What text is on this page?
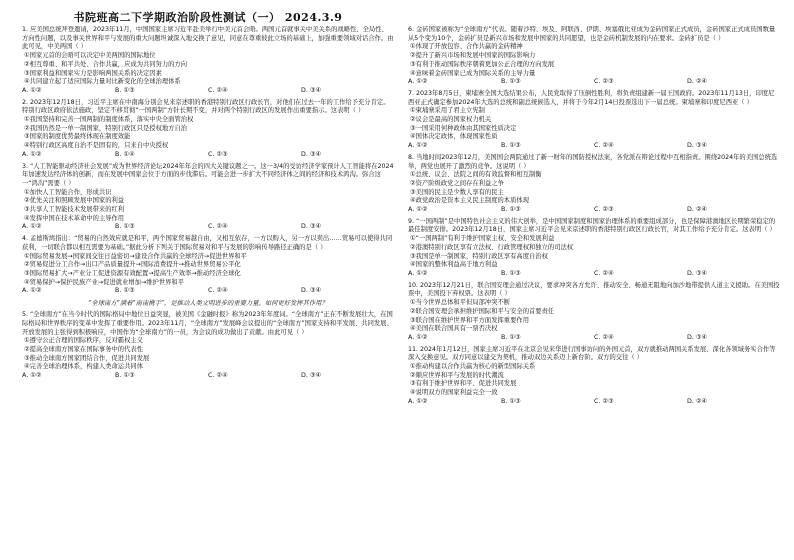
书院班高二下学期政治阶段性测试（一） 2024.3.9

1. 应美国总统拜登邀请，2023年11月，中国国家主席习近平赴美举行中美元首会晤。两国元首就事关中美关系的战略性、全局性、方向性问题，以及事关世界和平与发展的重大问题坦诚深入地交换了意见，同意在尊重彼此立场的基础上，加强重要领域对话合作。由此可见，中美两国（ ）

①国家元首的会晤可以决定中美两国的国际地位

②相互尊重、和平共处、合作共赢，应成为共同努力的方向

③国家利益和国家实力是影响两国关系的决定因素

④共同建立起了适应国际力量对比新变化的全球治理体系

A. ①②	B. ①③	C. ②④	D. ③④

2. 2023年12月18日，习近平主席在中南海分别会见来京述职的香港特别行政区行政长官，对他们在过去一年的工作给予充分肯定。特别行政区政府依法施政，坚定不移贯彻“一国两制”方针长期不变，并对两个特别行政区的发展作出重要指示。这表明（ ）

①我国坚持和完善一国两制的制度体系，落实中央全面管治权

②我国仍然是一单一制国家，特别行政区只是授权地方自治

③国家的制度优势最终体现在制度效能

④特别行政区高度自治不是固有的，只来自中央授权

A. ①②	B. ①④	C. ②③	D. ③④

3. “人工智能驱动经济社会发展”成为世界经济论坛2024年年会的四大关键议题之一。这一3/4的受访经济学家预计人工智能将在2024年加速发达经济体的创新，而在发展中国家会位于方面的步伐滞后。可能会进一步扩大不同经济体之间的经济和技术鸿沟。弥合这一“鸿沟”需要（ ）

①加快人工智能合作，形成共识

②优先关注和照顾发展中国家的利益

③共享人工智能技术发展带来的红利

④发挥中国在技术革命中的主导作用

A. ①②	B. ①③	C. ②④	D. ③④

4. 孟德斯鸠指出：“贸易的自然效应就是和平，两个国家贸易越自由，又相互依存，一方以购入，另一方以卖出……贸易可以使得共同获利，一切联合都以相互需要为基础。”据此分析下列关于国际贸易对和平与发展的影响传导路径正确的是（ ）

①国际贸易发展→国家间交往日益密切→建设合作共赢的全球经济→促进世界和平

②贸易促进分工合作→出口产品质量提升→国际消费提升→推动世界贸易公平化

③国际贸易扩大→产业分工促进资源有效配置→提高生产效率→推动经济全球化

④贸易保护→保护民族产业→促进就业增加→维护世界和平

A. ①②	B. ①③	C. ②④	D. ③④

“全球南方”满着“南南携手”，是推动人类文明进步的重要力量。如何更好发挥其作用？

5. “全球南方”在当今时代的国际格局中地位日益突显，被美国《金融时报》称为2023年年度词。“全球南方”正在不断发展壮大，在国际格局和世界秩序的变革中发挥了重要作用。2023年11月，“全球南方”发展峰会议提出的“全球南方”国家支持和平发展、共同发展、开放发展的主张得到积极响应，中国作为“全球南方”的一员，为会议的成功做出了贡献。由此可见（ ）

①遵守公正合理的国际秩序，反对霸权主义

②提高全球南方国家在国际事务中的代表性

③推动全球南方国家团结合作，促进共同发展

④完善全球治理体系，构建人类命运共同体

A. ①②	B. ①③	C. ②④	D. ③④

6. 金砖国家被称为“全球南方”代表。随着沙特、埃及、阿联酋、伊朗、埃塞俄比亚成为金砖国家正式成员，金砖国家正式成员国数量从5个变为10个，金砖扩员是新兴市场和发展中国家的共同愿望，也是金砖机制发展的内在要求。金砖扩员是（ ）

①体现了开放包容、合作共赢的金砖精神

②提升了新兴市场和发展中国家的国际影响力

③有利于推动国际秩序朝着更加公正合理的方向发展

④意味着金砖国家已成为国际关系的主导力量

A. ①②	B. ①③	C. ②③	D. ②④

7. 2023年8月5日，柬埔寨全国大选结果公布，人民党取得了压倒性胜利，将负责组建新一届王国政府。2023年11月13日，印度尼西亚正式确定参加2024年大选的总统和副总统候选人，并将于今年2月14日投票选出下一届总统。柬埔寨和印度尼西亚（ ）

①柬埔寨采用了君主立宪制

②议会是最高的国家权力机关

③一国采用何种政体由其国家性质决定

④国体决定政体，体现国家性质

A. ①②	B. ①③	C. ②④	D. ③④

8. 当地时间2023年12月，美国国会两院通过了新一财年的国防授权法案，各党派在辩论过程中互相指责。围绕2024年的美国总统选举，两党也展开了激烈的竞争。这说明（ ）

①总统、议会、法院之间的有效监督和相互制衡

②资产阶级政党之间存在利益之争

③美国的民主是少数人享有的民主

④政党政治是资本主义民主制度的本质体现

A. ①②	B. ①③	C. ②③	D. ②④

9. “一国两制”是中国特色社会主义的伟大创举，是中国国家制度和国家治理体系的重要组成部分，也是保障港澳地区长期繁荣稳定的最佳制度安排。2023年12月18日，国家主席习近平会见来京述职的香港特别行政区行政长官，对其工作给予充分肯定。这表明（ ）

①“一国两制”有利于维护国家主权、安全和发展利益

②港澳特别行政区享有立法权、行政管理权和独立的司法权

③我国是单一制国家，特别行政区享有高度自治权

④国家的整体利益高于地方利益

A. ①②	B. ①③	C. ②④	D. ③④

10. 2023年12月21日，联合国安理会通过决议，要求冲突各方允许、推动安全、畅通无阻地向加沙地带提供人道主义援助。在美国投票中，美国投下弃权票。这表明（ ）

①当今世界总体和平但局部冲突不断

②联合国安理会承担维护国际和平与安全的首要责任

③联合国在维护世界和平方面发挥重要作用

④美国在联合国具有一票否决权

A. ①②	B. ①③	C. ②④	D. ③④

11. 2024年1月12日，国家主席习近平在北京会见来华进行国事访问的外国元首，双方就推动两国关系发展、深化各领域务实合作等深入交换意见。双方同意以建交为契机，推动双边关系迈上新台阶。双方的交往（ ）

①推动构建以合作共赢为核心的新型国际关系

②顺应世界和平与发展的时代潮流

③有利于维护世界和平、促进共同发展

④说明双方的国家利益完全一致

A. ①②	B. ①③	C. ②③	D. ②④
